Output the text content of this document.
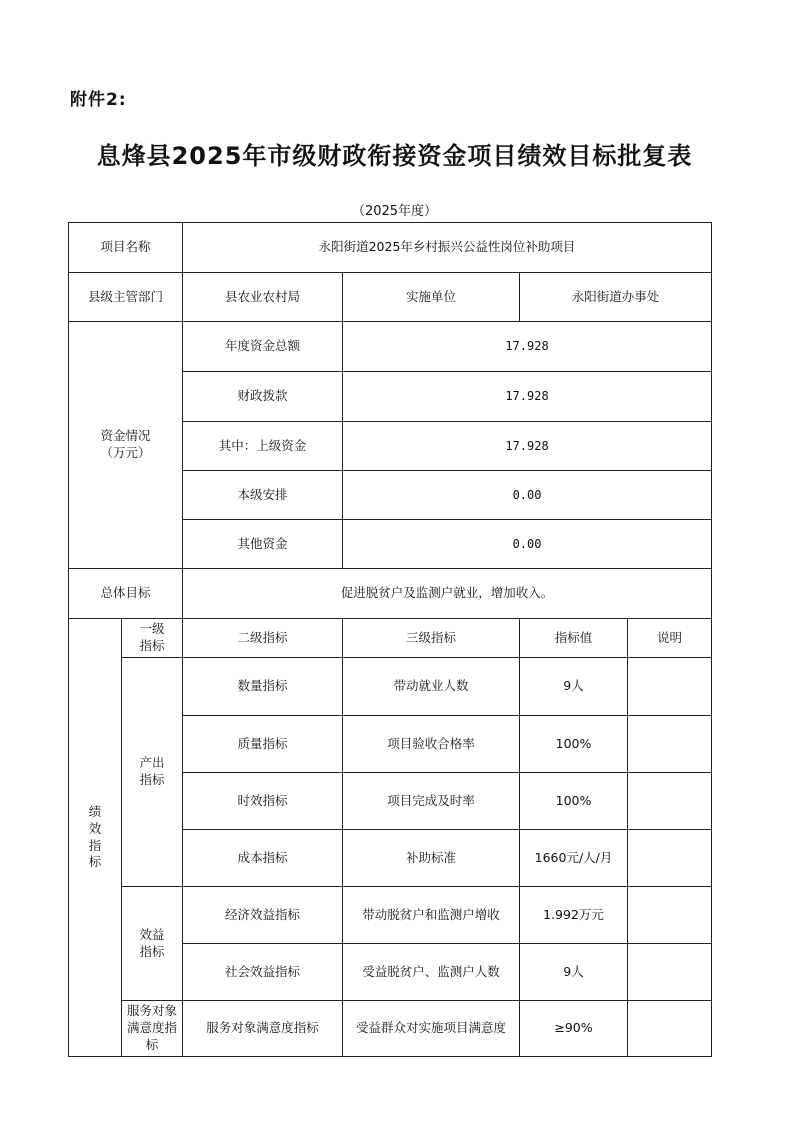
附件2:
息烽县2025年市级财政衔接资金项目绩效目标批复表
（2025年度）
项目名称		永阳街道2025年乡村振兴公益性岗位补助项目			
县级主管部门		县农业农村局	实施单位	永阳街道办事处	
资金情况
（万元）		年度资金总额	17.928		
		财政拨款	17.928		
		其中：上级资金	17.928		
		本级安排	0.00		
		其他资金	0.00		
总体目标		促进脱贫户及监测户就业，增加收入。			

绩效指标	一级指标	二级指标	三级指标	指标值	说明

	产出指标	数量指标	带动就业人数	9人	
		质量指标	项目验收合格率	100%	
		时效指标	项目完成及时率	100%	
		成本指标	补助标准	1660元/人/月	

	效益指标	经济效益指标	带动脱贫户和监测户增收	1.992万元	
		社会效益指标	受益脱贫户、监测户人数	9人	
	服务对象满意度指标	服务对象满意度指标	受益群众对实施项目满意度	≥90%	
